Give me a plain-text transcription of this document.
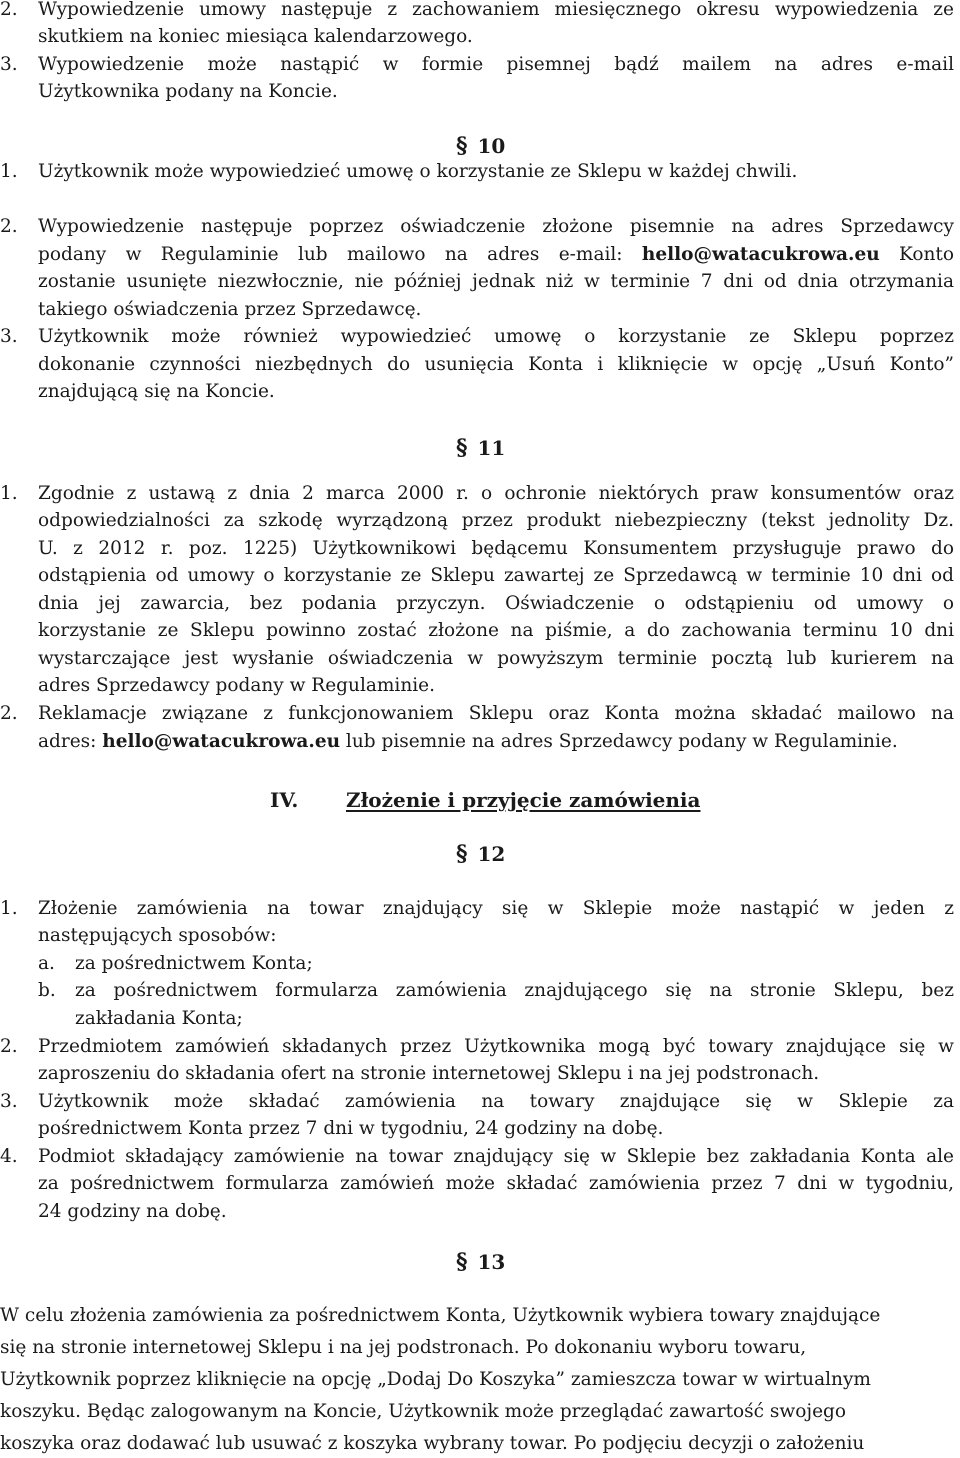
§ 10
§ 11
IV. Złożenie i przyjęcie zamówienia
§ 12
§ 13
2. Wypowiedzenie umowy następuje z zachowaniem miesięcznego okresu wypowiedzenia ze
skutkiem na koniec miesiąca kalendarzowego.
3. Wypowiedzenie może nastąpić w formie pisemnej bądź mailem na adres e-mail
Użytkownika podany na Koncie.
1. Użytkownik może wypowiedzieć umowę o korzystanie ze Sklepu w każdej chwili.
2. Wypowiedzenie następuje poprzez oświadczenie złożone pisemnie na adres Sprzedawcy
podany w Regulaminie lub mailowo na adres e-mail: hello@watacukrowa.eu Konto
zostanie usunięte niezwłocznie, nie później jednak niż w terminie 7 dni od dnia otrzymania
takiego oświadczenia przez Sprzedawcę.
3. Użytkownik może również wypowiedzieć umowę o korzystanie ze Sklepu poprzez
dokonanie czynności niezbędnych do usunięcia Konta i kliknięcie w opcję „Usuń Konto”
znajdującą się na Koncie.
1. Zgodnie z ustawą z dnia 2 marca 2000 r. o ochronie niektórych praw konsumentów oraz
odpowiedzialności za szkodę wyrządzoną przez produkt niebezpieczny (tekst jednolity Dz.
U. z 2012 r. poz. 1225) Użytkownikowi będącemu Konsumentem przysługuje prawo do
odstąpienia od umowy o korzystanie ze Sklepu zawartej ze Sprzedawcą w terminie 10 dni od
dnia jej zawarcia, bez podania przyczyn. Oświadczenie o odstąpieniu od umowy o
korzystanie ze Sklepu powinno zostać złożone na piśmie, a do zachowania terminu 10 dni
wystarczające jest wysłanie oświadczenia w powyższym terminie pocztą lub kurierem na
adres Sprzedawcy podany w Regulaminie.
2. Reklamacje związane z funkcjonowaniem Sklepu oraz Konta można składać mailowo na
adres: hello@watacukrowa.eu lub pisemnie na adres Sprzedawcy podany w Regulaminie.
1. Złożenie zamówienia na towar znajdujący się w Sklepie może nastąpić w jeden z
następujących sposobów:
a. za pośrednictwem Konta;
b. za pośrednictwem formularza zamówienia znajdującego się na stronie Sklepu, bez
zakładania Konta;
2. Przedmiotem zamówień składanych przez Użytkownika mogą być towary znajdujące się w
zaproszeniu do składania ofert na stronie internetowej Sklepu i na jej podstronach.
3. Użytkownik może składać zamówienia na towary znajdujące się w Sklepie za
pośrednictwem Konta przez 7 dni w tygodniu, 24 godziny na dobę.
4. Podmiot składający zamówienie na towar znajdujący się w Sklepie bez zakładania Konta ale
za pośrednictwem formularza zamówień może składać zamówienia przez 7 dni w tygodniu,
24 godziny na dobę.
W celu złożenia zamówienia za pośrednictwem Konta, Użytkownik wybiera towary znajdujące
się na stronie internetowej Sklepu i na jej podstronach. Po dokonaniu wyboru towaru,
Użytkownik poprzez kliknięcie na opcję „Dodaj Do Koszyka” zamieszcza towar w wirtualnym
koszyku. Będąc zalogowanym na Koncie, Użytkownik może przeglądać zawartość swojego
koszyka oraz dodawać lub usuwać z koszyka wybrany towar. Po podjęciu decyzji o założeniu
